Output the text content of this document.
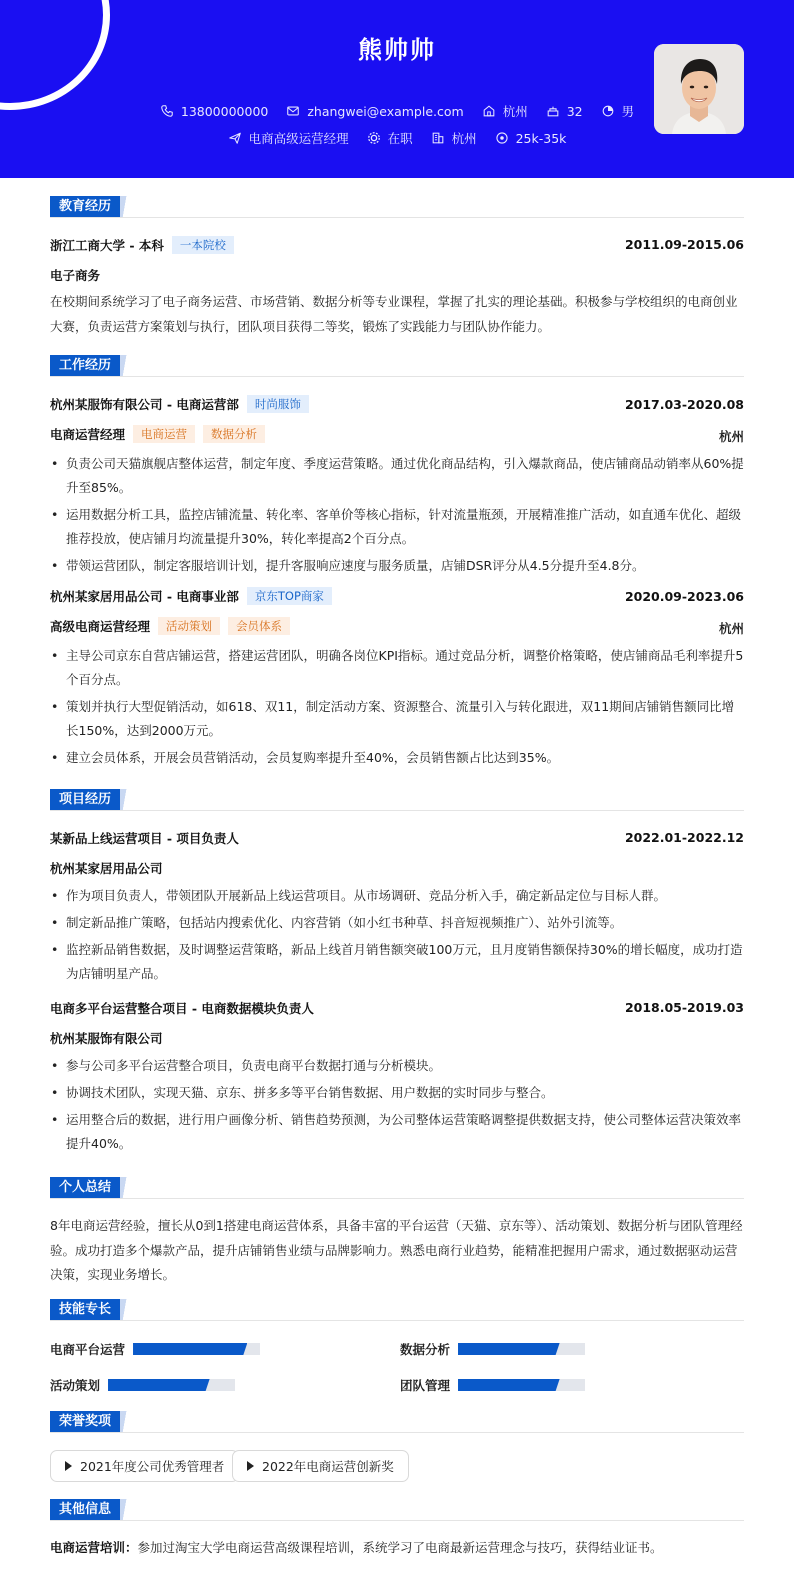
熊帅帅
13800000000
	zhangwei@example.com
	杭州
	32
	男
电商高级运营经理
	在职
	杭州
	25k-35k
教育经历
浙江工商大学 - 本科	一本院校	2011.09-2015.06
电子商务
在校期间系统学习了电子商务运营、市场营销、数据分析等专业课程，掌握了扎实的理论基础。积极参与学校组织的电商创业大赛，负责运营方案策划与执行，团队项目获得二等奖，锻炼了实践能力与团队协作能力。
工作经历
杭州某服饰有限公司 - 电商运营部	时尚服饰	2017.03-2020.08
电商运营经理	电商运营	数据分析	杭州
• 负责公司天猫旗舰店整体运营，制定年度、季度运营策略。通过优化商品结构，引入爆款商品，使店铺商品动销率从60%提升至85%。
• 运用数据分析工具，监控店铺流量、转化率、客单价等核心指标，针对流量瓶颈，开展精准推广活动，如直通车优化、超级推荐投放，使店铺月均流量提升30%，转化率提高2个百分点。
• 带领运营团队，制定客服培训计划，提升客服响应速度与服务质量，店铺DSR评分从4.5分提升至4.8分。
杭州某家居用品公司 - 电商事业部	京东TOP商家	2020.09-2023.06
高级电商运营经理	活动策划	会员体系	杭州
• 主导公司京东自营店铺运营，搭建运营团队，明确各岗位KPI指标。通过竞品分析，调整价格策略，使店铺商品毛利率提升5个百分点。
• 策划并执行大型促销活动，如618、双11，制定活动方案、资源整合、流量引入与转化跟进，双11期间店铺销售额同比增长150%，达到2000万元。
• 建立会员体系，开展会员营销活动，会员复购率提升至40%，会员销售额占比达到35%。
项目经历
某新品上线运营项目 - 项目负责人	2022.01-2022.12
杭州某家居用品公司
• 作为项目负责人，带领团队开展新品上线运营项目。从市场调研、竞品分析入手，确定新品定位与目标人群。
• 制定新品推广策略，包括站内搜索优化、内容营销（如小红书种草、抖音短视频推广）、站外引流等。
• 监控新品销售数据，及时调整运营策略，新品上线首月销售额突破100万元，且月度销售额保持30%的增长幅度，成功打造为店铺明星产品。
电商多平台运营整合项目 - 电商数据模块负责人	2018.05-2019.03
杭州某服饰有限公司
• 参与公司多平台运营整合项目，负责电商平台数据打通与分析模块。
• 协调技术团队，实现天猫、京东、拼多多等平台销售数据、用户数据的实时同步与整合。
• 运用整合后的数据，进行用户画像分析、销售趋势预测，为公司整体运营策略调整提供数据支持，使公司整体运营决策效率提升40%。
个人总结
8年电商运营经验，擅长从0到1搭建电商运营体系，具备丰富的平台运营（天猫、京东等）、活动策划、数据分析与团队管理经验。成功打造多个爆款产品，提升店铺销售业绩与品牌影响力。熟悉电商行业趋势，能精准把握用户需求，通过数据驱动运营决策，实现业务增长。
技能专长
电商平台运营	数据分析
活动策划	团队管理
荣誉奖项
2021年度公司优秀管理者	2022年电商运营创新奖
其他信息
电商运营培训：参加过淘宝大学电商运营高级课程培训，系统学习了电商最新运营理念与技巧，获得结业证书。
